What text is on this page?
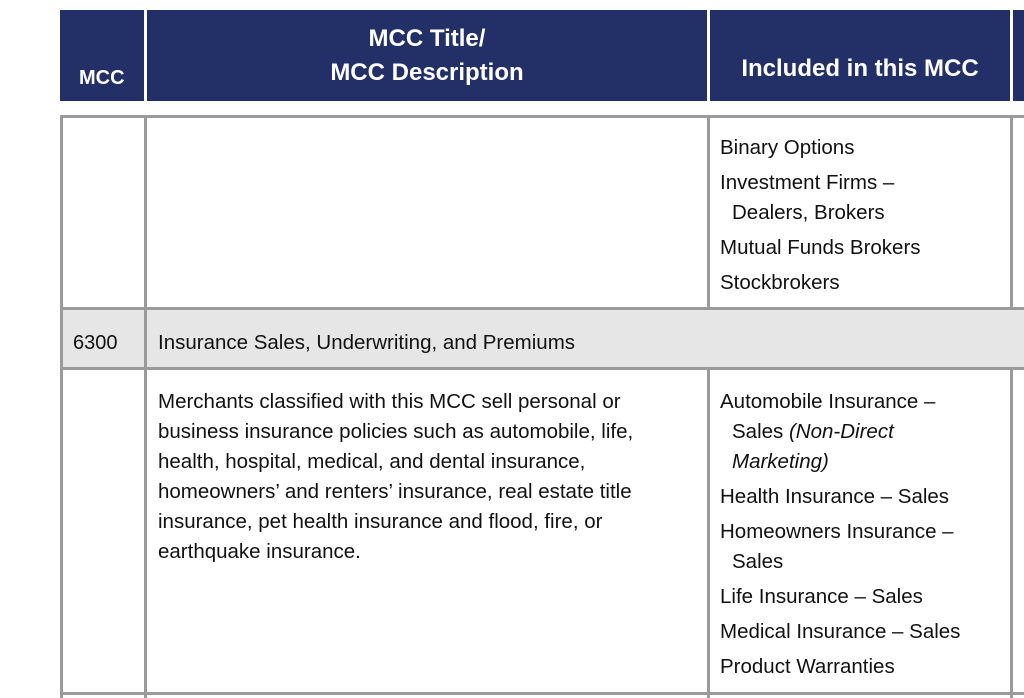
MCC
MCC Title/
MCC Description	Included in this MCC
Binary Options
Investment Firms –
Dealers, Brokers
Mutual Funds Brokers
Stockbrokers
6300 Insurance Sales, Underwriting, and Premiums
Merchants classified with this MCC sell personal or
business insurance policies such as automobile, life,
health, hospital, medical, and dental insurance,
homeowners’ and renters’ insurance, real estate title
insurance, pet health insurance and flood, fire, or
earthquake insurance.
Automobile Insurance –
Sales (Non-Direct
Marketing)
Health Insurance – Sales
Homeowners Insurance –
Sales
Life Insurance – Sales
Medical Insurance – Sales
Product Warranties
